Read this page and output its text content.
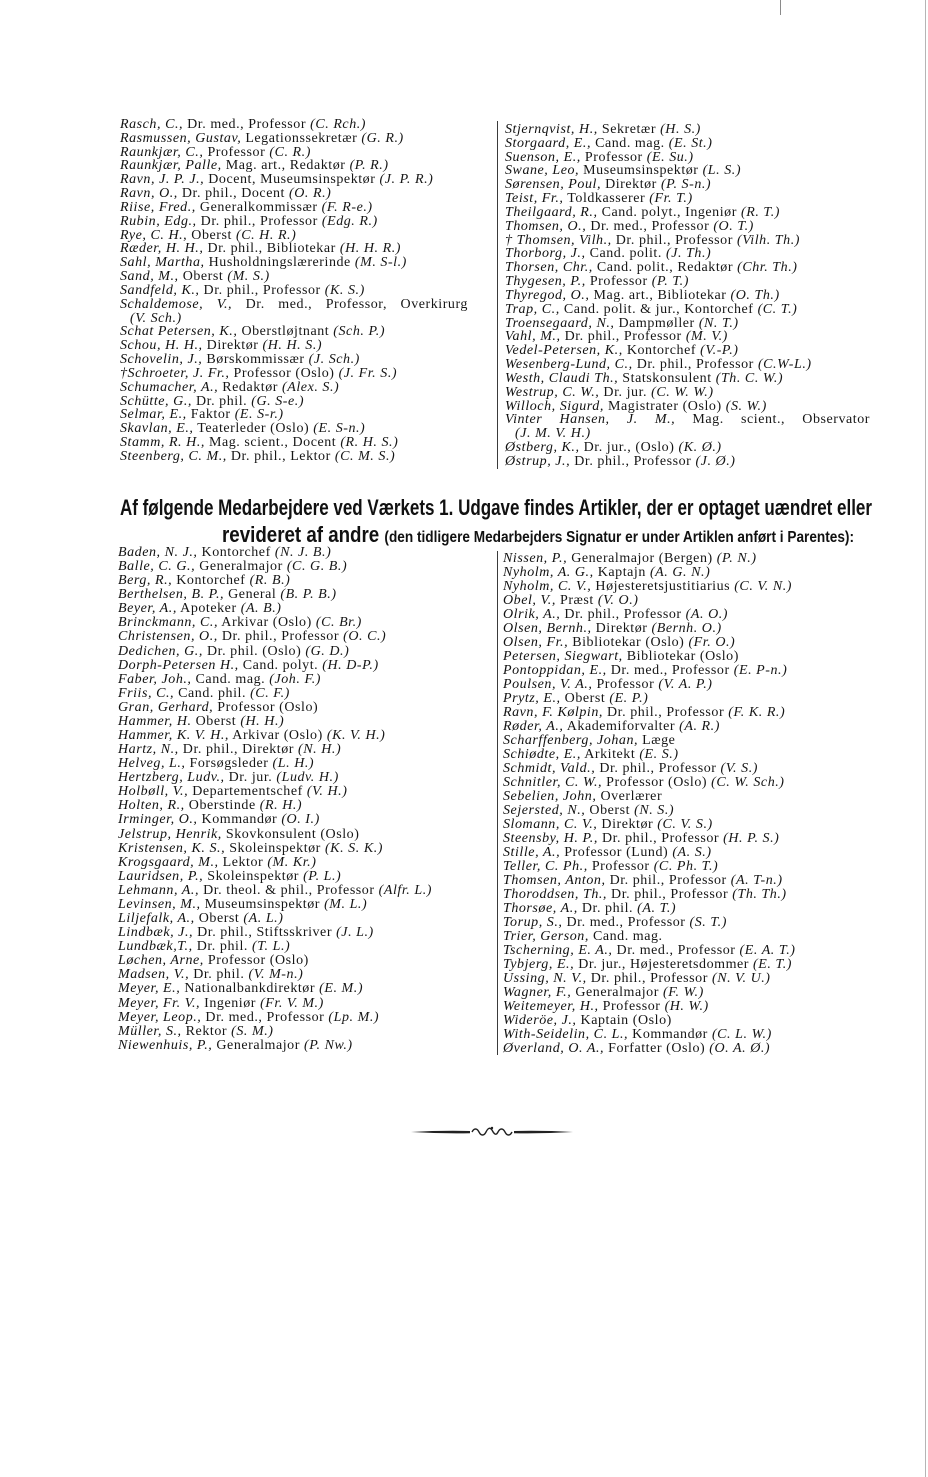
Rasch, C., Dr. med., Professor (C. Rch.)
Rasmussen, Gustav, Legationssekretær (G. R.)
Raunkjær, C., Professor (C. R.)
Raunkjær, Palle, Mag. art., Redaktør (P. R.)
Ravn, J. P. J., Docent, Museumsinspektør (J. P. R.)
Ravn, O., Dr. phil., Docent (O. R.)
Riise, Fred., Generalkommissær (F. R-e.)
Rubin, Edg., Dr. phil., Professor (Edg. R.)
Rye, C. H., Oberst (C. H. R.)
Ræder, H. H., Dr. phil., Bibliotekar (H. H. R.)
Sahl, Martha, Husholdningslærerinde (M. S-l.)
Sand, M., Oberst (M. S.)
Sandfeld, K., Dr. phil., Professor (K. S.)
Schaldemose, V., Dr. med., Professor, Overkirurg
(V. Sch.)
Schat Petersen, K., Oberstløjtnant (Sch. P.)
Schou, H. H., Direktør (H. H. S.)
Schovelin, J., Børskommissær (J. Sch.)
†Schroeter, J. Fr., Professor (Oslo) (J. Fr. S.)
Schumacher, A., Redaktør (Alex. S.)
Schütte, G., Dr. phil. (G. S-e.)
Selmar, E., Faktor (E. S-r.)
Skavlan, E., Teaterleder (Oslo) (E. S-n.)
Stamm, R. H., Mag. scient., Docent (R. H. S.)
Steenberg, C. M., Dr. phil., Lektor (C. M. S.)
Stjernqvist, H., Sekretær (H. S.)
Storgaard, E., Cand. mag. (E. St.)
Suenson, E., Professor (E. Su.)
Swane, Leo, Museumsinspektør (L. S.)
Sørensen, Poul, Direktør (P. S-n.)
Teist, Fr., Toldkasserer (Fr. T.)
Theilgaard, R., Cand. polyt., Ingeniør (R. T.)
Thomsen, O., Dr. med., Professor (O. T.)
† Thomsen, Vilh., Dr. phil., Professor (Vilh. Th.)
Thorborg, J., Cand. polit. (J. Th.)
Thorsen, Chr., Cand. polit., Redaktør (Chr. Th.)
Thygesen, P., Professor (P. T.)
Thyregod, O., Mag. art., Bibliotekar (O. Th.)
Trap, C., Cand. polit. & jur., Kontorchef (C. T.)
Troensegaard, N., Dampmøller (N. T.)
Vahl, M., Dr. phil., Professor (M. V.)
Vedel-Petersen, K., Kontorchef (V.-P.)
Wesenberg-Lund, C., Dr. phil., Professor (C.W-L.)
Westh, Claudi Th., Statskonsulent (Th. C. W.)
Westrup, C. W., Dr. jur. (C. W. W.)
Willoch, Sigurd, Magistrater (Oslo) (S. W.)
Vinter Hansen, J. M., Mag. scient., Observator
(J. M. V. H.)
Østberg, K., Dr. jur., (Oslo) (K. Ø.)
Østrup, J., Dr. phil., Professor (J. Ø.)
Af følgende Medarbejdere ved Værkets 1. Udgave findes Artikler, der er optaget uændret eller
revideret af andre (den tidligere Medarbejders Signatur er under Artiklen anført i Parentes):
Baden, N. J., Kontorchef (N. J. B.)
Balle, C. G., Generalmajor (C. G. B.)
Berg, R., Kontorchef (R. B.)
Berthelsen, B. P., General (B. P. B.)
Beyer, A., Apoteker (A. B.)
Brinckmann, C., Arkivar (Oslo) (C. Br.)
Christensen, O., Dr. phil., Professor (O. C.)
Dedichen, G., Dr. phil. (Oslo) (G. D.)
Dorph-Petersen H., Cand. polyt. (H. D-P.)
Faber, Joh., Cand. mag. (Joh. F.)
Friis, C., Cand. phil. (C. F.)
Gran, Gerhard, Professor (Oslo)
Hammer, H. Oberst (H. H.)
Hammer, K. V. H., Arkivar (Oslo) (K. V. H.)
Hartz, N., Dr. phil., Direktør (N. H.)
Helveg, L., Forsøgsleder (L. H.)
Hertzberg, Ludv., Dr. jur. (Ludv. H.)
Holbøll, V., Departementschef (V. H.)
Holten, R., Oberstinde (R. H.)
Irminger, O., Kommandør (O. I.)
Jelstrup, Henrik, Skovkonsulent (Oslo)
Kristensen, K. S., Skoleinspektør (K. S. K.)
Krogsgaard, M., Lektor (M. Kr.)
Lauridsen, P., Skoleinspektør (P. L.)
Lehmann, A., Dr. theol. & phil., Professor (Alfr. L.)
Levinsen, M., Museumsinspektør (M. L.)
Liljefalk, A., Oberst (A. L.)
Lindbæk, J., Dr. phil., Stiftsskriver (J. L.)
Lundbæk,T., Dr. phil. (T. L.)
Løchen, Arne, Professor (Oslo)
Madsen, V., Dr. phil. (V. M-n.)
Meyer, E., Nationalbankdirektør (E. M.)
Meyer, Fr. V., Ingeniør (Fr. V. M.)
Meyer, Leop., Dr. med., Professor (Lp. M.)
Müller, S., Rektor (S. M.)
Niewenhuis, P., Generalmajor (P. Nw.)
Nissen, P., Generalmajor (Bergen) (P. N.)
Nyholm, A. G., Kaptajn (A. G. N.)
Nyholm, C. V., Højesteretsjustitiarius (C. V. N.)
Obel, V., Præst (V. O.)
Olrik, A., Dr. phil., Professor (A. O.)
Olsen, Bernh., Direktør (Bernh. O.)
Olsen, Fr., Bibliotekar (Oslo) (Fr. O.)
Petersen, Siegwart, Bibliotekar (Oslo)
Pontoppidan, E., Dr. med., Professor (E. P-n.)
Poulsen, V. A., Professor (V. A. P.)
Prytz, E., Oberst (E. P.)
Ravn, F. Kølpin, Dr. phil., Professor (F. K. R.)
Røder, A., Akademiforvalter (A. R.)
Scharffenberg, Johan, Læge
Schiødte, E., Arkitekt (E. S.)
Schmidt, Vald., Dr. phil., Professor (V. S.)
Schnitler, C. W., Professor (Oslo) (C. W. Sch.)
Sebelien, John, Overlærer
Sejersted, N., Oberst (N. S.)
Slomann, C. V., Direktør (C. V. S.)
Steensby, H. P., Dr. phil., Professor (H. P. S.)
Stille, A., Professor (Lund) (A. S.)
Teller, C. Ph., Professor (C. Ph. T.)
Thomsen, Anton, Dr. phil., Professor (A. T-n.)
Thoroddsen, Th., Dr. phil., Professor (Th. Th.)
Thorsøe, A., Dr. phil. (A. T.)
Torup, S., Dr. med., Professor (S. T.)
Trier, Gerson, Cand. mag.
Tscherning, E. A., Dr. med., Professor (E. A. T.)
Tybjerg, E., Dr. jur., Højesteretsdommer (E. T.)
Ussing, N. V., Dr. phil., Professor (N. V. U.)
Wagner, F., Generalmajor (F. W.)
Weitemeyer, H., Professor (H. W.)
Wideröe, J., Kaptain (Oslo)
With-Seidelin, C. L., Kommandør (C. L. W.)
Øverland, O. A., Forfatter (Oslo) (O. A. Ø.)
